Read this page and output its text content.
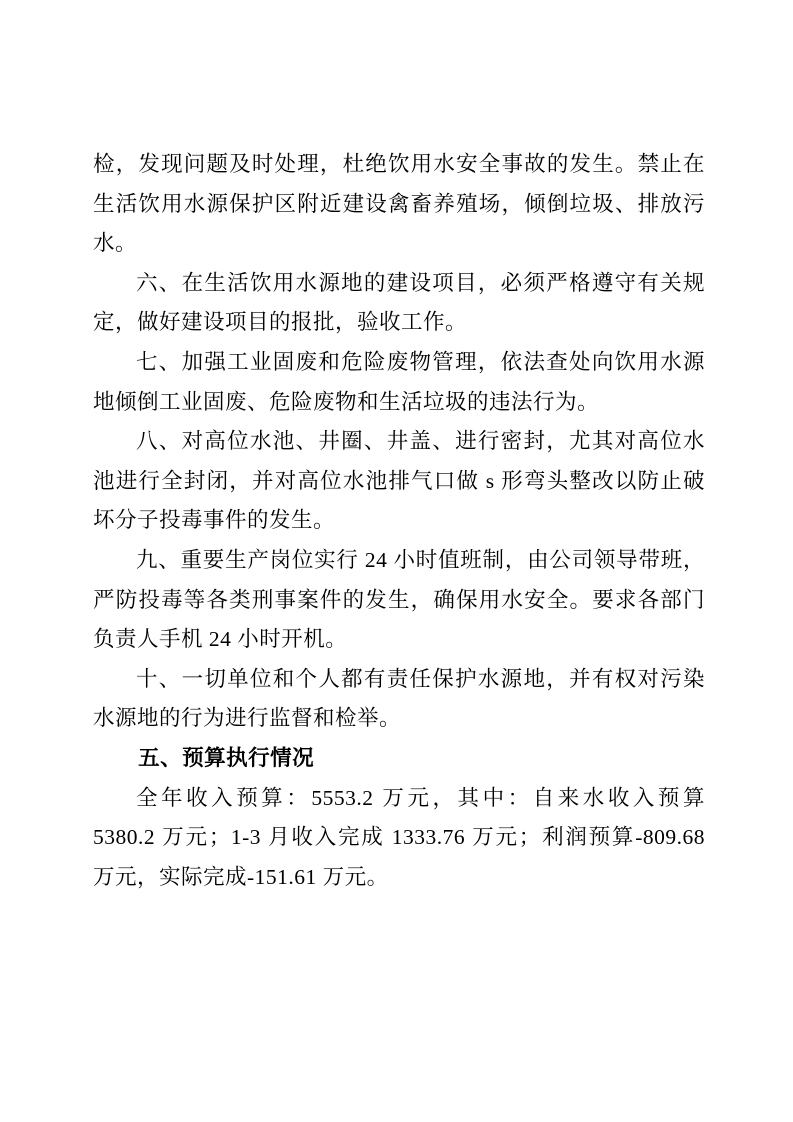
检，发现问题及时处理，杜绝饮用水安全事故的发生。禁止在生活饮用水源保护区附近建设禽畜养殖场，倾倒垃圾、排放污水。

六、在生活饮用水源地的建设项目，必须严格遵守有关规定，做好建设项目的报批，验收工作。

七、加强工业固废和危险废物管理，依法查处向饮用水源地倾倒工业固废、危险废物和生活垃圾的违法行为。

八、对高位水池、井圈、井盖、进行密封，尤其对高位水池进行全封闭，并对高位水池排气口做 s 形弯头整改以防止破坏分子投毒事件的发生。

九、重要生产岗位实行 24 小时值班制，由公司领导带班，严防投毒等各类刑事案件的发生，确保用水安全。要求各部门负责人手机 24 小时开机。

十、一切单位和个人都有责任保护水源地，并有权对污染水源地的行为进行监督和检举。

五、预算执行情况

全年收入预算：5553.2 万元，其中：自来水收入预算 5380.2 万元；1-3 月收入完成 1333.76 万元；利润预算-809.68 万元，实际完成-151.61 万元。
